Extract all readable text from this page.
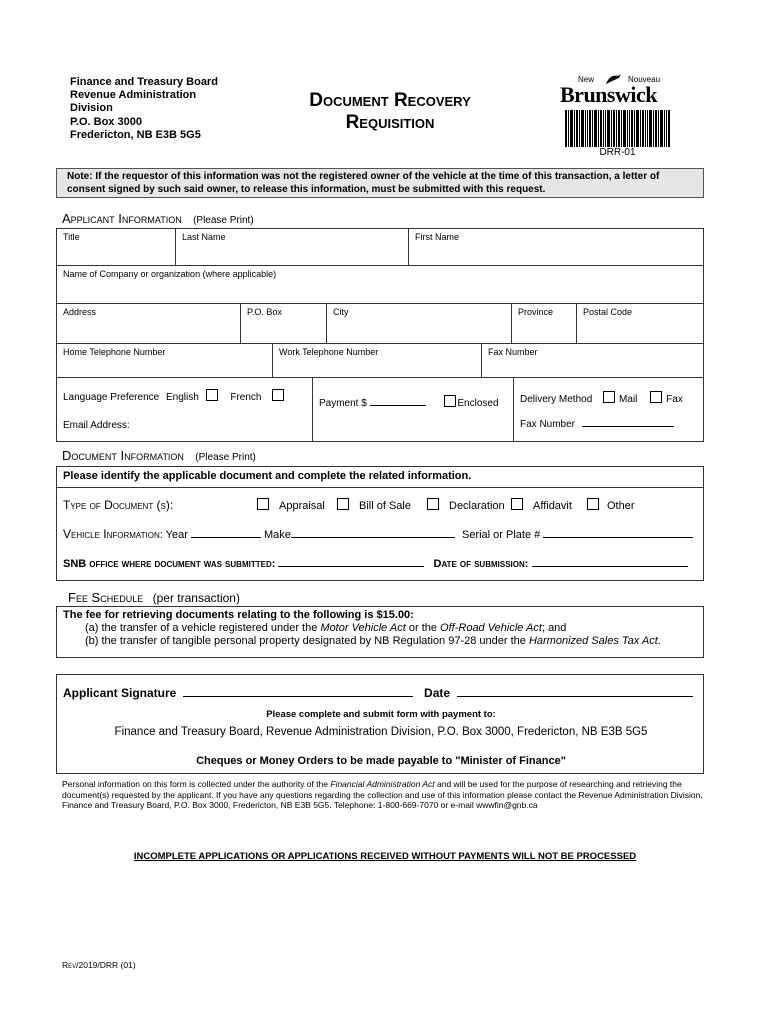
Finance and Treasury Board
Revenue Administration
Division
P.O. Box 3000
Fredericton, NB E3B 5G5
Document Recovery
Requisition
New	Nouveau
Brunswick
DRR-01
Note: If the requestor of this information was not the registered owner of the vehicle at the time of this transaction, a letter of consent signed by such said owner, to release this information, must be submitted with this request.
Applicant Information (Please Print)
Title	Last Name	First Name
Name of Company or organization (where applicable)
Address	P.O. Box	City	Province	Postal Code
Home Telephone Number	Work Telephone Number	Fax Number
Language Preference English	French
Email Address:
Payment $	Enclosed	Delivery Method	Mail	Fax
Fax Number
Document Information (Please Print)
Please identify the applicable document and complete the related information.
Type of Document (s):	Appraisal	Bill of Sale	Declaration	Affidavit	Other
Vehicle Information: Year	Make	Serial or Plate #
SNB office where document was submitted:	Date of submission:
Fee Schedule (per transaction)
The fee for retrieving documents relating to the following is $15.00:
(a) the transfer of a vehicle registered under the Motor Vehicle Act or the Off-Road Vehicle Act; and
(b) the transfer of tangible personal property designated by NB Regulation 97-28 under the Harmonized Sales Tax Act.
Applicant Signature	Date
Please complete and submit form with payment to:
Finance and Treasury Board, Revenue Administration Division, P.O. Box 3000, Fredericton, NB E3B 5G5
Cheques or Money Orders to be made payable to "Minister of Finance"
Personal information on this form is collected under the authority of the Financial Administration Act and will be used for the purpose of researching and retrieving the document(s) requested by the applicant. If you have any questions regarding the collection and use of this information please contact the Revenue Administration Division, Finance and Treasury Board, P.O. Box 3000, Fredericton, NB E3B 5G5. Telephone: 1-800-669-7070 or e-mail wwwfin@gnb.ca
INCOMPLETE APPLICATIONS OR APPLICATIONS RECEIVED WITHOUT PAYMENTS WILL NOT BE PROCESSED
Rev/2019/DRR (01)
